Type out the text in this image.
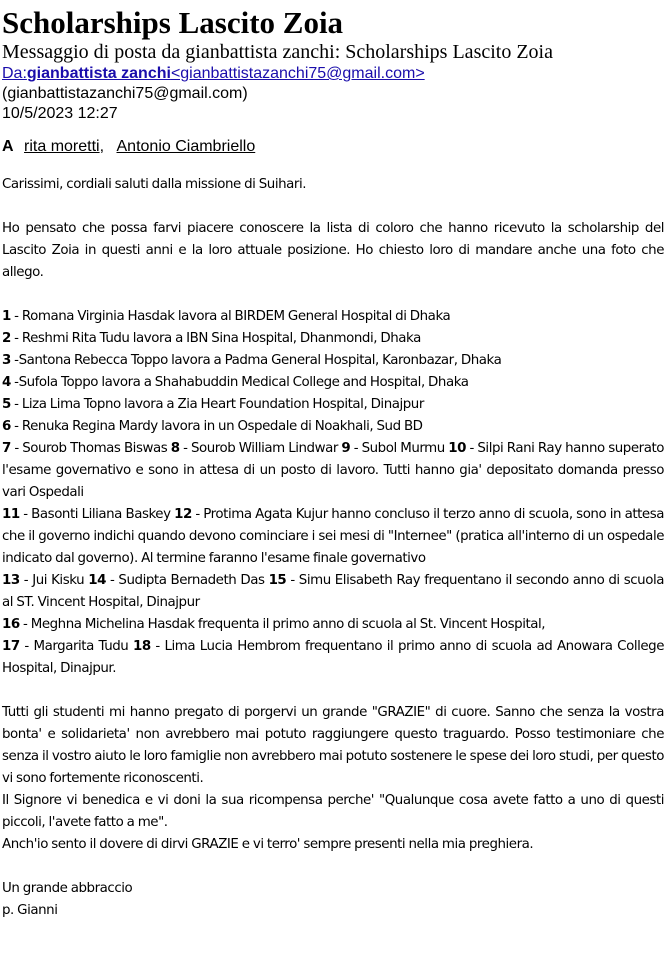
Scholarships Lascito Zoia
Messaggio di posta da gianbattista zanchi: Scholarships Lascito Zoia
Da:gianbattista zanchi<gianbattistazanchi75@gmail.com>
(gianbattistazanchi75@gmail.com)
10/5/2023 12:27
A rita moretti, Antonio Ciambriello

Carissimi, cordiali saluti dalla missione di Suihari.

Ho pensato che possa farvi piacere conoscere la lista di coloro che hanno ricevuto la scholarship del Lascito Zoia in questi anni e la loro attuale posizione. Ho chiesto loro di mandare anche una foto che allego.

1 - Romana Virginia Hasdak lavora al BIRDEM General Hospital di Dhaka

2 - Reshmi Rita Tudu lavora a IBN Sina Hospital, Dhanmondi, Dhaka

3 -Santona Rebecca Toppo lavora a Padma General Hospital, Karonbazar, Dhaka

4 -Sufola Toppo lavora a Shahabuddin Medical College and Hospital, Dhaka

5 - Liza Lima Topno lavora a Zia Heart Foundation Hospital, Dinajpur

6 - Renuka Regina Mardy lavora in un Ospedale di Noakhali, Sud BD

7 - Sourob Thomas Biswas 8 - Sourob William Lindwar 9 - Subol Murmu 10 - Silpi Rani Ray hanno superato l'esame governativo e sono in attesa di un posto di lavoro. Tutti hanno gia' depositato domanda presso vari Ospedali

11 - Basonti Liliana Baskey 12 - Protima Agata Kujur hanno concluso il terzo anno di scuola, sono in attesa che il governo indichi quando devono cominciare i sei mesi di "Internee" (pratica all'interno di un ospedale indicato dal governo). Al termine faranno l'esame finale governativo

13 - Jui Kisku 14 - Sudipta Bernadeth Das 15 - Simu Elisabeth Ray frequentano il secondo anno di scuola al ST. Vincent Hospital, Dinajpur

16 - Meghna Michelina Hasdak frequenta il primo anno di scuola al St. Vincent Hospital,

17 - Margarita Tudu 18 - Lima Lucia Hembrom frequentano il primo anno di scuola ad Anowara College Hospital, Dinajpur.

Tutti gli studenti mi hanno pregato di porgervi un grande "GRAZIE" di cuore. Sanno che senza la vostra bonta' e solidarieta' non avrebbero mai potuto raggiungere questo traguardo. Posso testimoniare che senza il vostro aiuto le loro famiglie non avrebbero mai potuto sostenere le spese dei loro studi, per questo vi sono fortemente riconoscenti.

Il Signore vi benedica e vi doni la sua ricompensa perche' "Qualunque cosa avete fatto a uno di questi piccoli, l'avete fatto a me".

Anch'io sento il dovere di dirvi GRAZIE e vi terro' sempre presenti nella mia preghiera.

Un grande abbraccio

p. Gianni
